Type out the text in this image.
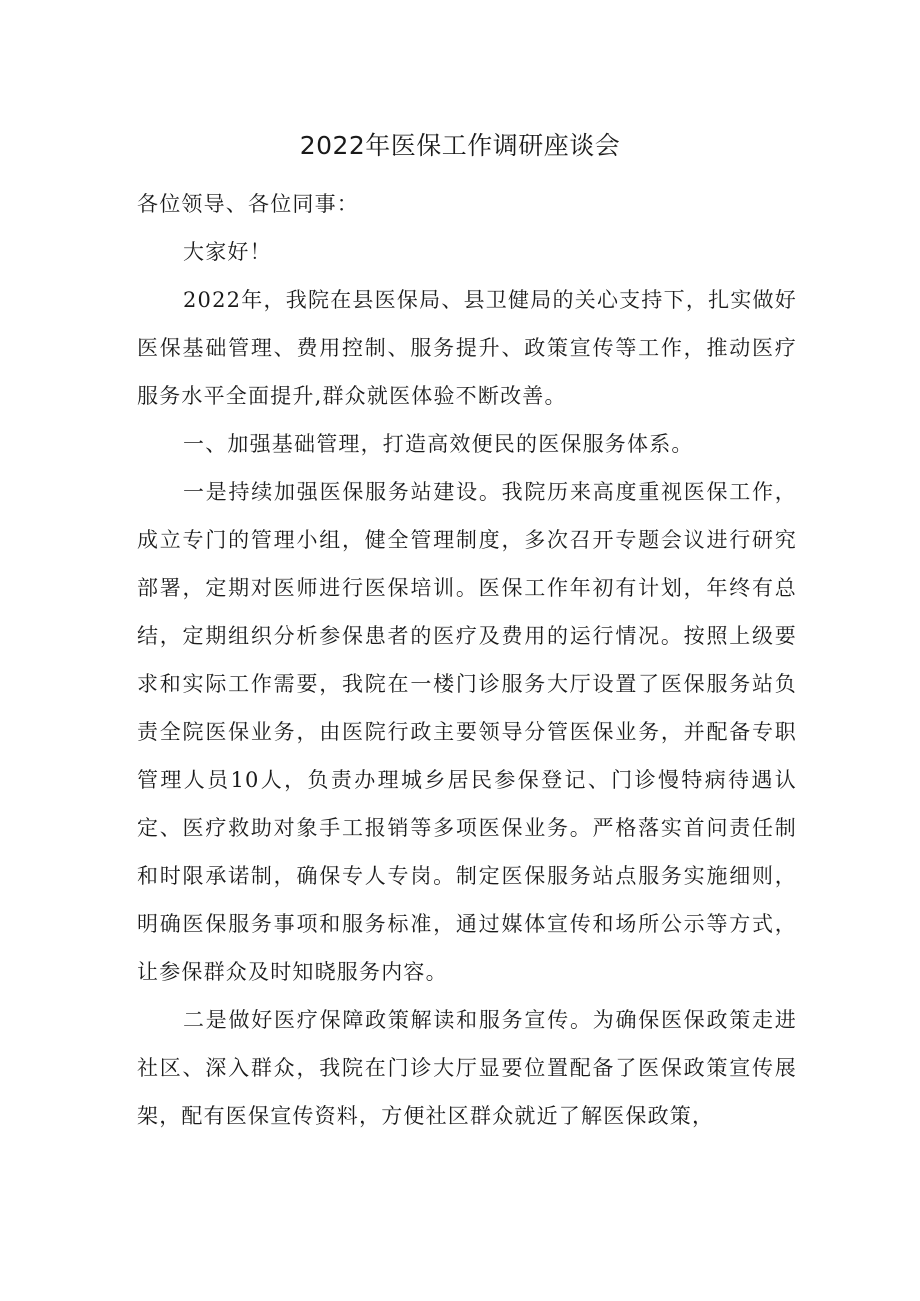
2022年医保工作调研座谈会

各位领导、各位同事：

大家好！

2022年，我院在县医保局、县卫健局的关心支持下，扎实做好医保基础管理、费用控制、服务提升、政策宣传等工作，推动医疗服务水平全面提升,群众就医体验不断改善。

一、加强基础管理，打造高效便民的医保服务体系。

一是持续加强医保服务站建设。我院历来高度重视医保工作，成立专门的管理小组，健全管理制度，多次召开专题会议进行研究部署，定期对医师进行医保培训。医保工作年初有计划，年终有总结，定期组织分析参保患者的医疗及费用的运行情况。按照上级要求和实际工作需要，我院在一楼门诊服务大厅设置了医保服务站负责全院医保业务，由医院行政主要领导分管医保业务，并配备专职管理人员10人，负责办理城乡居民参保登记、门诊慢特病待遇认定、医疗救助对象手工报销等多项医保业务。严格落实首问责任制和时限承诺制，确保专人专岗。制定医保服务站点服务实施细则，明确医保服务事项和服务标准，通过媒体宣传和场所公示等方式，让参保群众及时知晓服务内容。

二是做好医疗保障政策解读和服务宣传。为确保医保政策走进社区、深入群众，我院在门诊大厅显要位置配备了医保政策宣传展架，配有医保宣传资料，方便社区群众就近了解医保政策，
